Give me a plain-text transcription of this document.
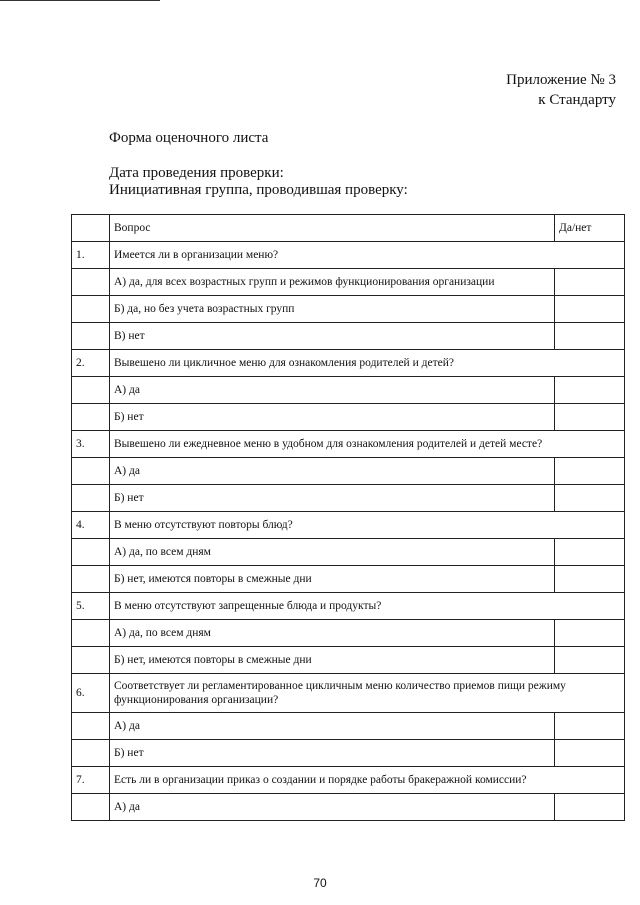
Приложение № 3
к Стандарту
Форма оценочного листа
Дата проведения проверки:
Инициативная группа, проводившая проверку:
	Вопрос	Да/нет
1.	Имеется ли в организации меню?	
	А) да, для всех возрастных групп и режимов функционирования организации	
	Б) да, но без учета возрастных групп	
	В) нет	
2.	Вывешено ли цикличное меню для ознакомления родителей и детей?	
	А) да	
	Б) нет	
3.	Вывешено ли ежедневное меню в удобном для ознакомления родителей и детей месте?	
	А) да	
	Б) нет	
4.	В меню отсутствуют повторы блюд?	
	А) да, по всем дням	
	Б) нет, имеются повторы в смежные дни	
5.	В меню отсутствуют запрещенные блюда и продукты?	
	А) да, по всем дням	
	Б) нет, имеются повторы в смежные дни	
6.	Соответствует ли регламентированное цикличным меню количество приемов пищи режиму функционирования организации?	
	А) да	
	Б) нет	
7.	Есть ли в организации приказ о создании и порядке работы бракеражной комиссии?	
	А) да	
70
